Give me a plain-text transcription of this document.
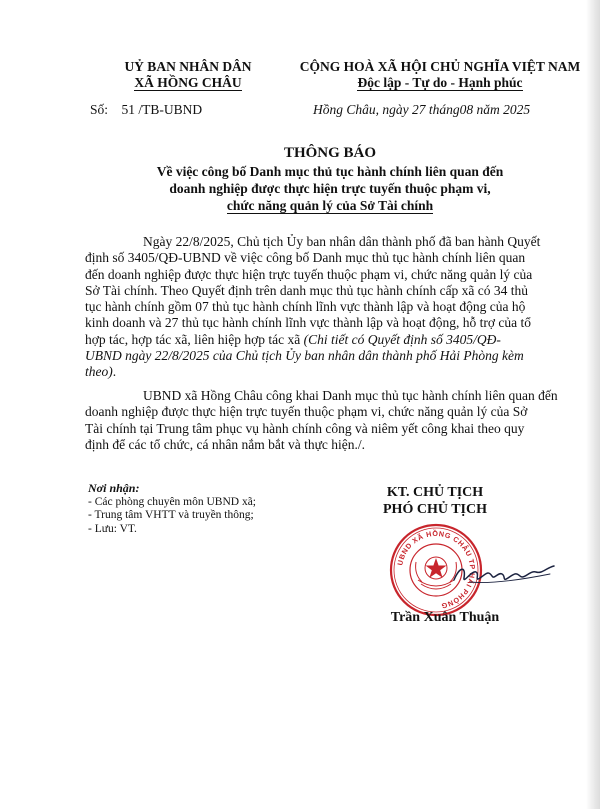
UỶ BAN NHÂN DÂN
XÃ HỒNG CHÂU
CỘNG HOÀ XÃ HỘI CHỦ NGHĨA VIỆT NAM
Độc lập - Tự do - Hạnh phúc
Số: 51 /TB-UBND	Hồng Châu, ngày 27 tháng08 năm 2025
THÔNG BÁO
Về việc công bố Danh mục thủ tục hành chính liên quan đến
doanh nghiệp được thực hiện trực tuyến thuộc phạm vi,
chức năng quản lý của Sở Tài chính
Ngày 22/8/2025, Chủ tịch Ủy ban nhân dân thành phố đã ban hành Quyết
định số 3405/QĐ-UBND về việc công bố Danh mục thủ tục hành chính liên quan
đến doanh nghiệp được thực hiện trực tuyến thuộc phạm vi, chức năng quản lý của
Sở Tài chính. Theo Quyết định trên danh mục thủ tục hành chính cấp xã có 34 thủ
tục hành chính gồm 07 thủ tục hành chính lĩnh vực thành lập và hoạt động của hộ
kinh doanh và 27 thủ tục hành chính lĩnh vực thành lập và hoạt động, hỗ trợ của tổ
hợp tác, hợp tác xã, liên hiệp hợp tác xã (Chi tiết có Quyết định số 3405/QĐ-
UBND ngày 22/8/2025 của Chủ tịch Ủy ban nhân dân thành phố Hải Phòng kèm
theo).
UBND xã Hồng Châu công khai Danh mục thủ tục hành chính liên quan đến
doanh nghiệp được thực hiện trực tuyến thuộc phạm vi, chức năng quản lý của Sở
Tài chính tại Trung tâm phục vụ hành chính công và niêm yết công khai theo quy
định để các tổ chức, cá nhân nắm bắt và thực hiện./.
Nơi nhận:
- Các phòng chuyên môn UBND xã;
- Trung tâm VHTT và truyền thông;
- Lưu: VT.
KT. CHỦ TỊCH
PHÓ CHỦ TỊCH
UBND XÃ HỒNG CHÂU TP HẢI PHÒNG
Trần Xuân Thuận
